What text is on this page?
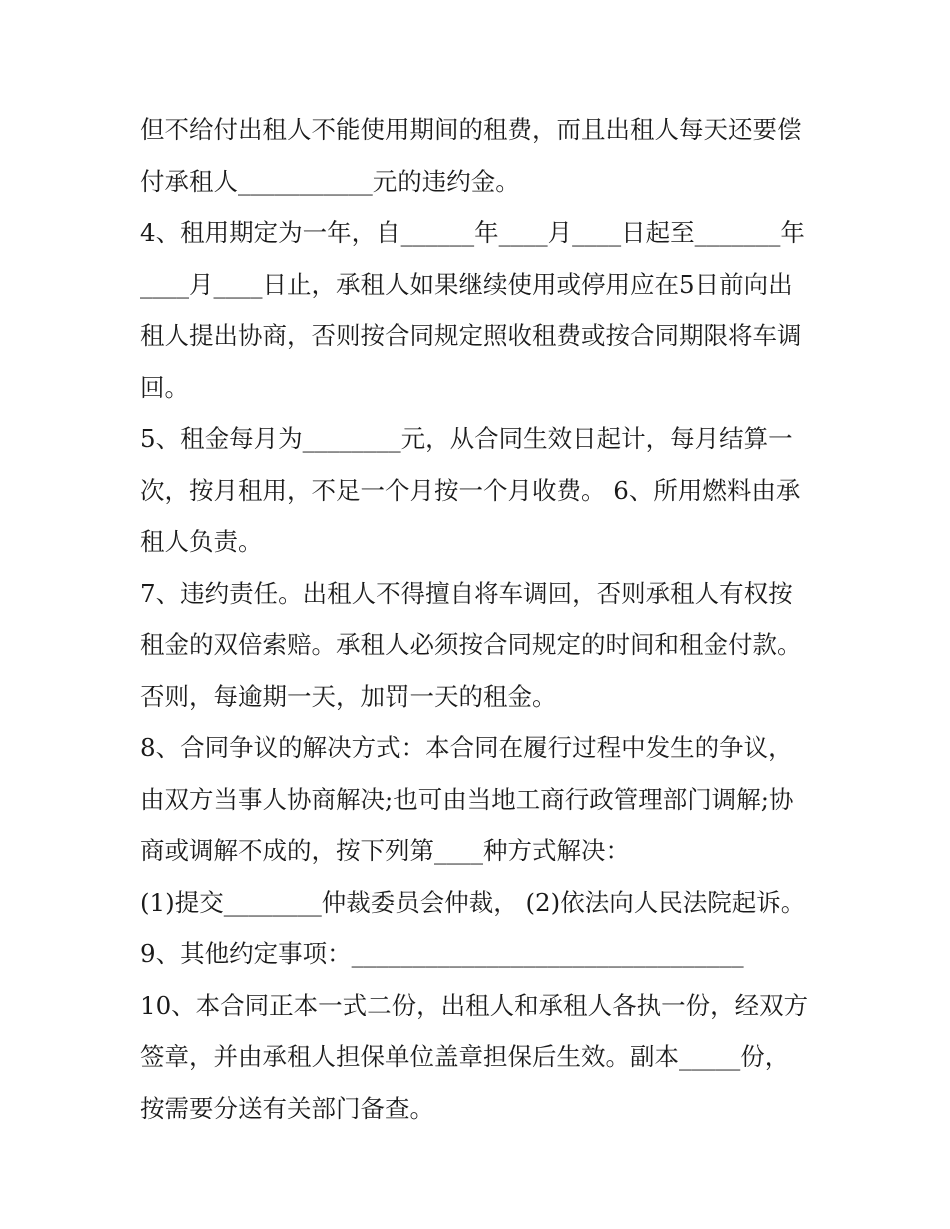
但不给付出租人不能使用期间的租费，而且出租人每天还要偿
付承租人___________元的违约金。
4、租用期定为一年，自______年____月____日起至_______年
____月____日止，承租人如果继续使用或停用应在5日前向出
租人提出协商，否则按合同规定照收租费或按合同期限将车调
回。
5、租金每月为________元，从合同生效日起计，每月结算一
次，按月租用，不足一个月按一个月收费。 6、所用燃料由承
租人负责。
7、违约责任。出租人不得擅自将车调回，否则承租人有权按
租金的双倍索赔。承租人必须按合同规定的时间和租金付款。
否则，每逾期一天，加罚一天的租金。
8、合同争议的解决方式：本合同在履行过程中发生的争议，
由双方当事人协商解决;也可由当地工商行政管理部门调解;协
商或调解不成的，按下列第____种方式解决：
(1)提交________仲裁委员会仲裁， (2)依法向人民法院起诉。
9、其他约定事项：________________________________
10、本合同正本一式二份，出租人和承租人各执一份，经双方
签章，并由承租人担保单位盖章担保后生效。副本_____份，
按需要分送有关部门备查。
